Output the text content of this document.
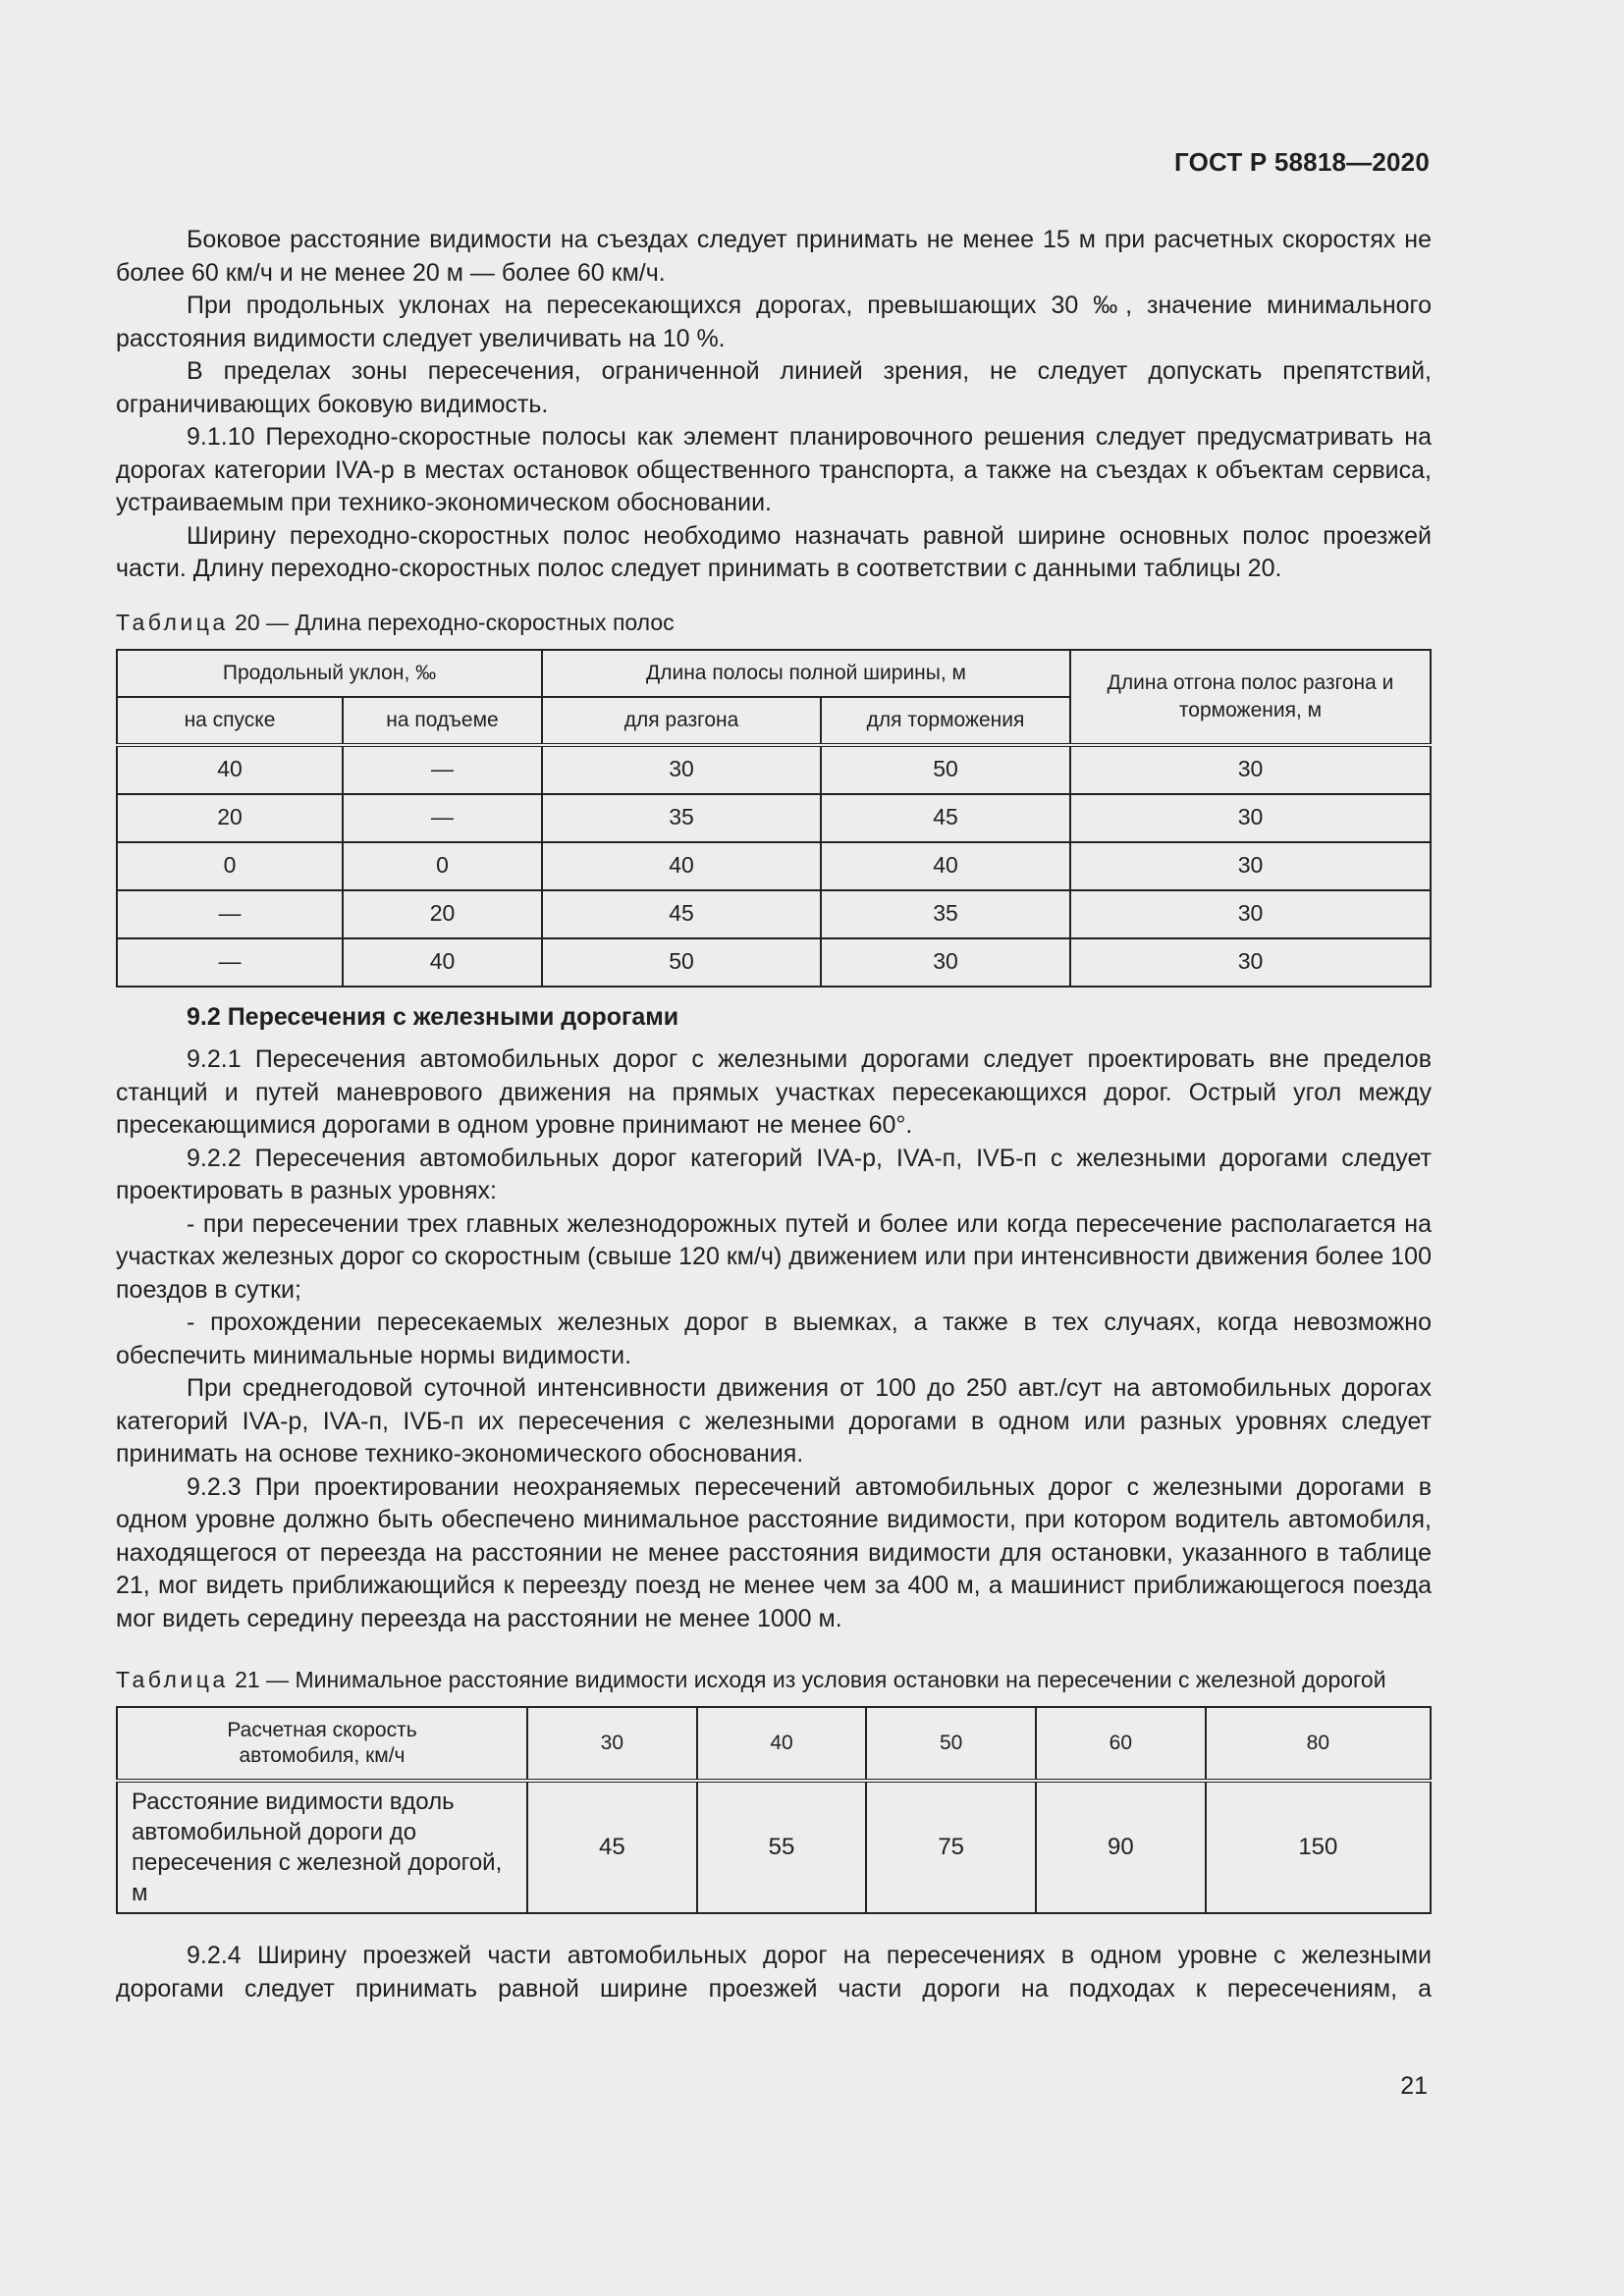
ГОСТ Р 58818—2020

Боковое расстояние видимости на съездах следует принимать не менее 15 м при расчетных скоростях не более 60 км/ч и не менее 20 м — более 60 км/ч.

При продольных уклонах на пересекающихся дорогах, превышающих 30 ‰, значение минимального расстояния видимости следует увеличивать на 10 %.

В пределах зоны пересечения, ограниченной линией зрения, не следует допускать препятствий, ограничивающих боковую видимость.

9.1.10 Переходно-скоростные полосы как элемент планировочного решения следует предусматривать на дорогах категории IVA-р в местах остановок общественного транспорта, а также на съездах к объектам сервиса, устраиваемым при технико-экономическом обосновании.

Ширину переходно-скоростных полос необходимо назначать равной ширине основных полос проезжей части. Длину переходно-скоростных полос следует принимать в соответствии с данными таблицы 20.

Таблица 20 — Длина переходно-скоростных полос

Продольный уклон, ‰		Длина полосы полной ширины, м		Длина отгона полос разгона и торможения, м
на спуске	на подъеме	для разгона	для торможения	
40	—	30	50	30
20	—	35	45	30
0	0	40	40	30
—	20	45	35	30
—	40	50	30	30
9.2 Пересечения с железными дорогами

9.2.1 Пересечения автомобильных дорог с железными дорогами следует проектировать вне пределов станций и путей маневрового движения на прямых участках пересекающихся дорог. Острый угол между пресекающимися дорогами в одном уровне принимают не менее 60°.

9.2.2 Пересечения автомобильных дорог категорий IVA-р, IVA-п, IVБ-п с железными дорогами следует проектировать в разных уровнях:

- при пересечении трех главных железнодорожных путей и более или когда пересечение располагается на участках железных дорог со скоростным (свыше 120 км/ч) движением или при интенсивности движения более 100 поездов в сутки;

- прохождении пересекаемых железных дорог в выемках, а также в тех случаях, когда невозможно обеспечить минимальные нормы видимости.

При среднегодовой суточной интенсивности движения от 100 до 250 авт./сут на автомобильных дорогах категорий IVA-р, IVA-п, IVБ-п их пересечения с железными дорогами в одном или разных уровнях следует принимать на основе технико-экономического обоснования.

9.2.3 При проектировании неохраняемых пересечений автомобильных дорог с железными дорогами в одном уровне должно быть обеспечено минимальное расстояние видимости, при котором водитель автомобиля, находящегося от переезда на расстоянии не менее расстояния видимости для остановки, указанного в таблице 21, мог видеть приближающийся к переезду поезд не менее чем за 400 м, а машинист приближающегося поезда мог видеть середину переезда на расстоянии не менее 1000 м.

Таблица 21 — Минимальное расстояние видимости исходя из условия остановки на пересечении с железной дорогой

Расчетная скорость автомобиля, км/ч	30	40	50	60	80
Расстояние видимости вдоль автомобильной дороги до пересечения с железной дорогой, м	45	55	75	90	150

9.2.4 Ширину проезжей части автомобильных дорог на пересечениях в одном уровне с железными дорогами следует принимать равной ширине проезжей части дороги на подходах к пересечениям, а

21
